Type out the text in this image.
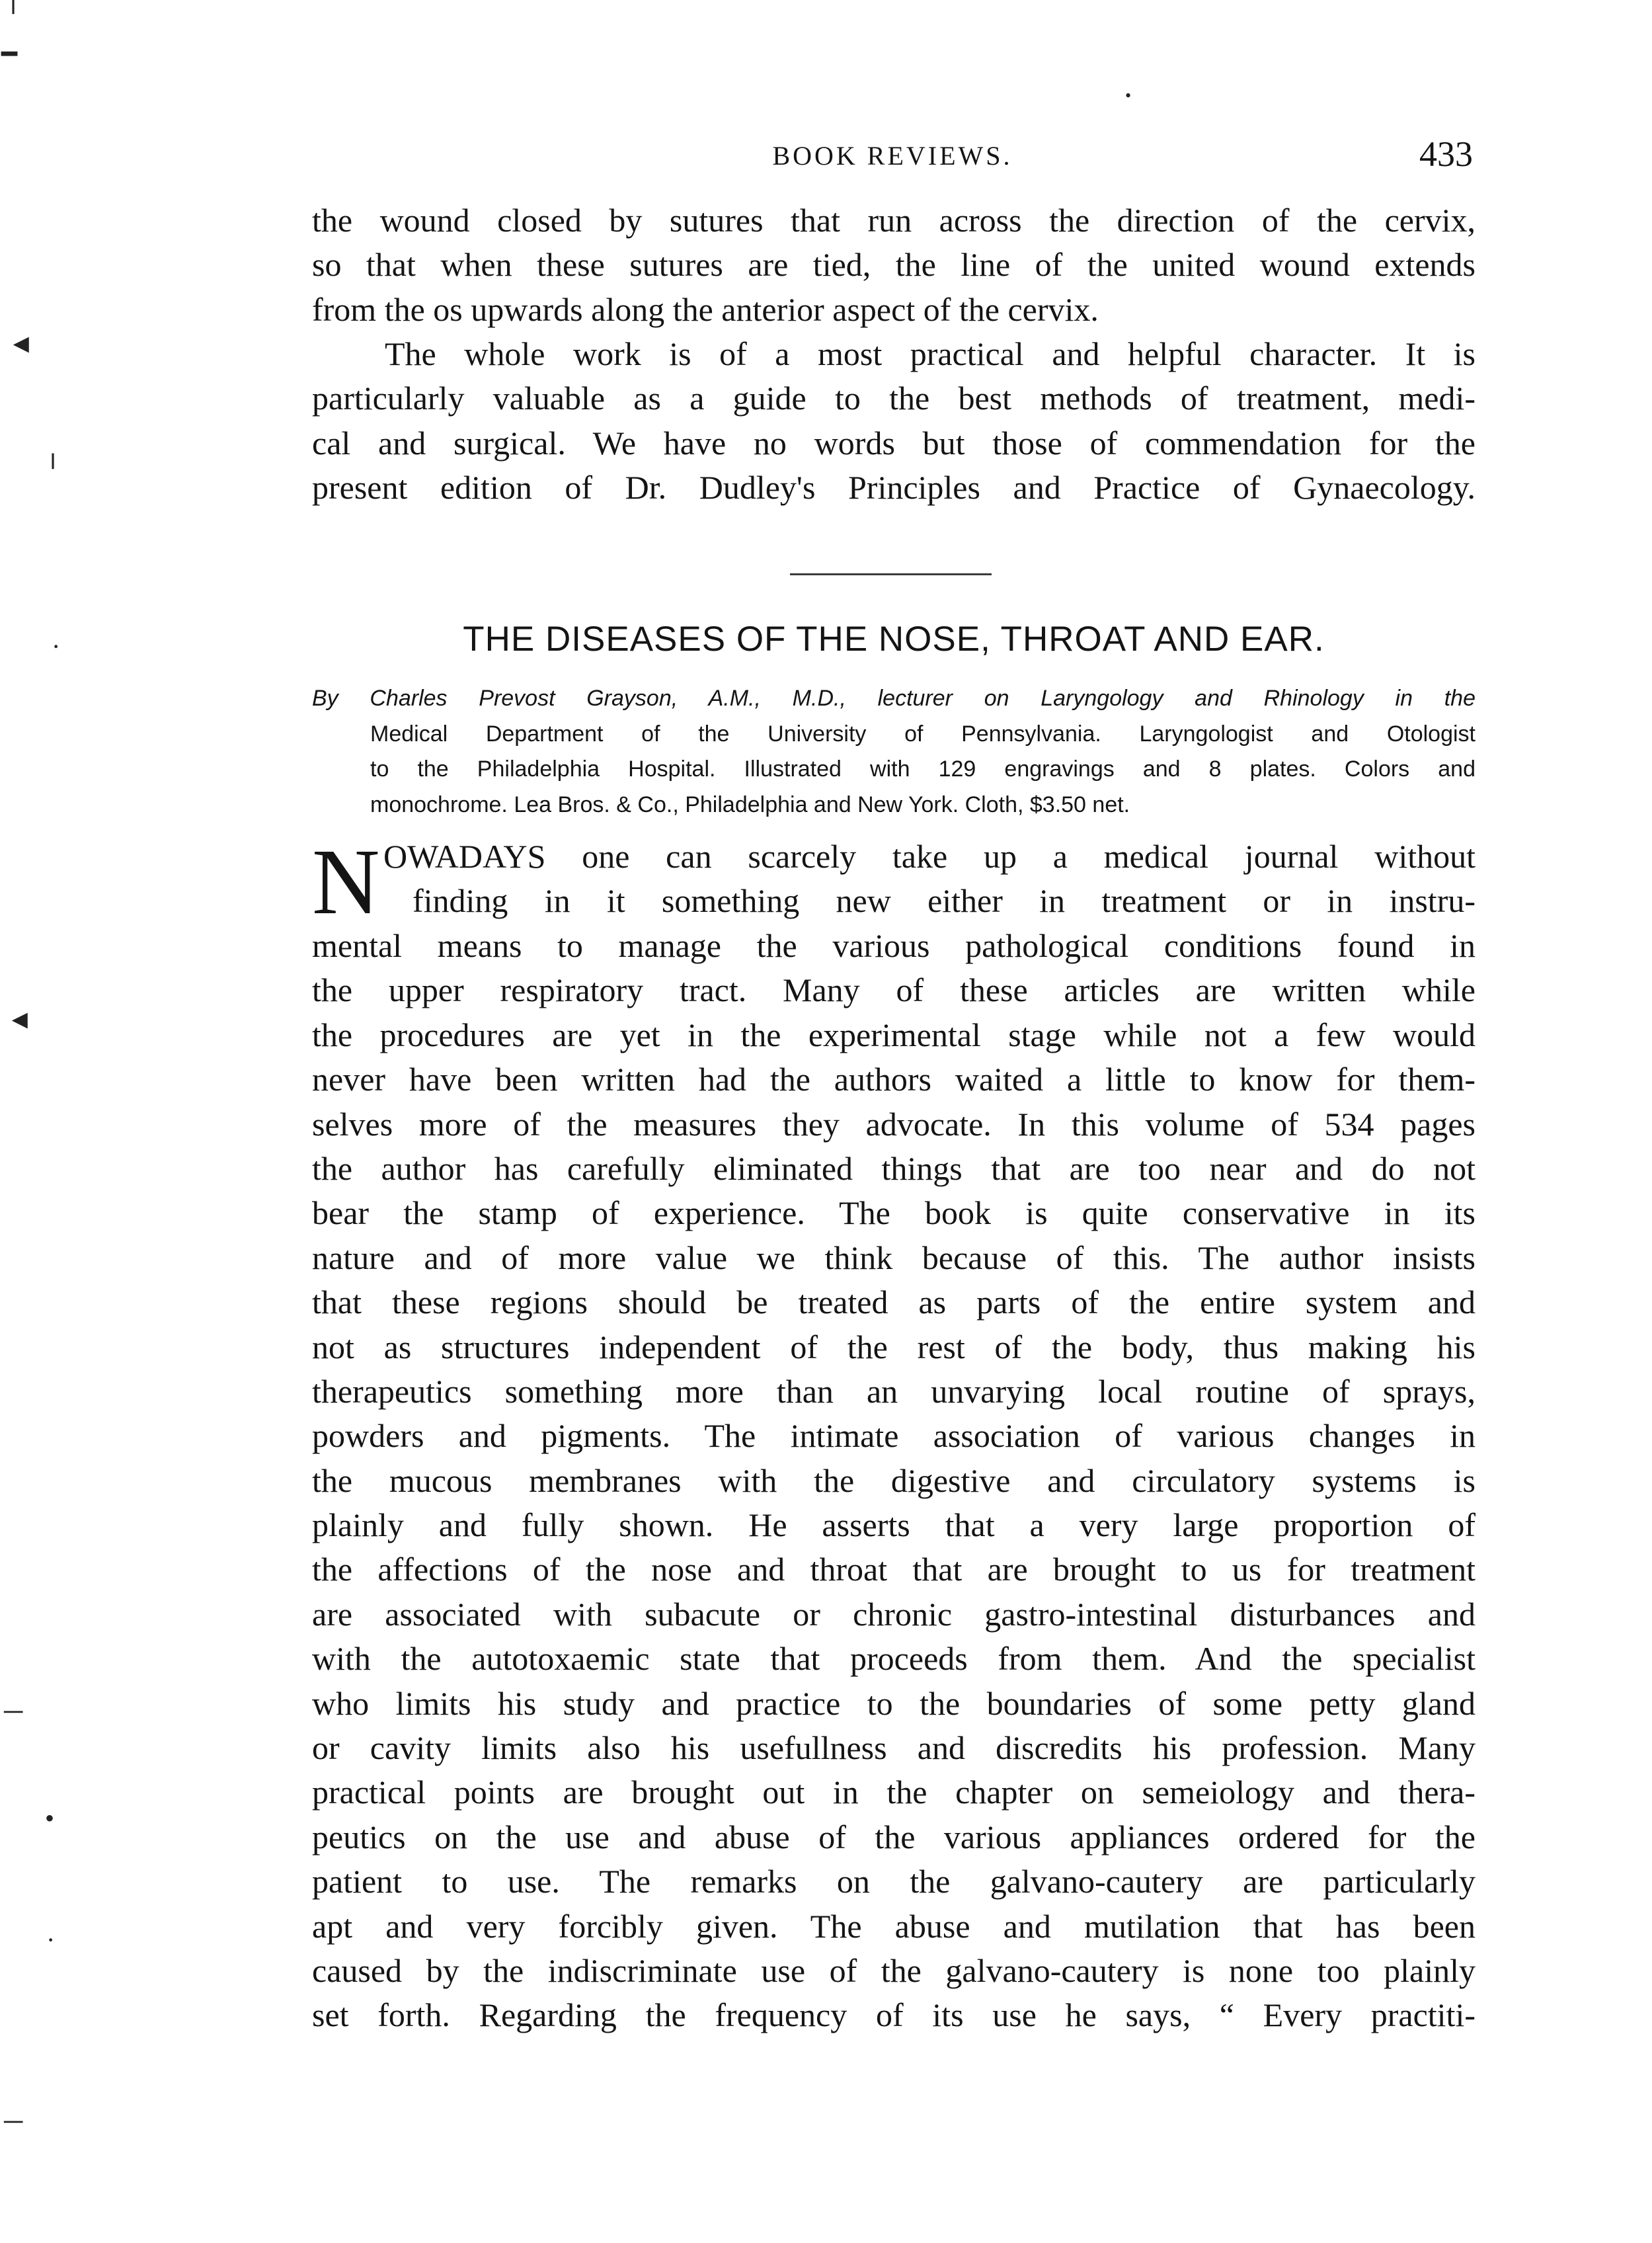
╵
━
◄
╵
·
◄
─
•
·
─
•
BOOK REVIEWS.	433
the wound closed by sutures that run across the direction of the cervix,
so that when these sutures are tied, the line of the united wound extends
from the os upwards along the anterior aspect of the cervix.
The whole work is of a most practical and helpful character. It is
particularly valuable as a guide to the best methods of treatment, medi-
cal and surgical. We have no words but those of commendation for the
present edition of Dr. Dudley's Principles and Practice of Gynaecology.
THE DISEASES OF THE NOSE, THROAT AND EAR.
By Charles Prevost Grayson, A.M., M.D., lecturer on Laryngology and Rhinology in the
Medical Department of the University of Pennsylvania. Laryngologist and Otologist
to the Philadelphia Hospital. Illustrated with 129 engravings and 8 plates. Colors and
monochrome. Lea Bros. & Co., Philadelphia and New York. Cloth, $3.50 net.
N OWADAYS one can scarcely take up a medical journal without
finding in it something new either in treatment or in instru-
mental means to manage the various pathological conditions found in
the upper respiratory tract. Many of these articles are written while
the procedures are yet in the experimental stage while not a few would
never have been written had the authors waited a little to know for them-
selves more of the measures they advocate. In this volume of 534 pages
the author has carefully eliminated things that are too near and do not
bear the stamp of experience. The book is quite conservative in its
nature and of more value we think because of this. The author insists
that these regions should be treated as parts of the entire system and
not as structures independent of the rest of the body, thus making his
therapeutics something more than an unvarying local routine of sprays,
powders and pigments. The intimate association of various changes in
the mucous membranes with the digestive and circulatory systems is
plainly and fully shown. He asserts that a very large proportion of
the affections of the nose and throat that are brought to us for treatment
are associated with subacute or chronic gastro-intestinal disturbances and
with the autotoxaemic state that proceeds from them. And the specialist
who limits his study and practice to the boundaries of some petty gland
or cavity limits also his usefullness and discredits his profession. Many
practical points are brought out in the chapter on semeiology and thera-
peutics on the use and abuse of the various appliances ordered for the
patient to use. The remarks on the galvano-cautery are particularly
apt and very forcibly given. The abuse and mutilation that has been
caused by the indiscriminate use of the galvano-cautery is none too plainly
set forth. Regarding the frequency of its use he says, “ Every practiti-
